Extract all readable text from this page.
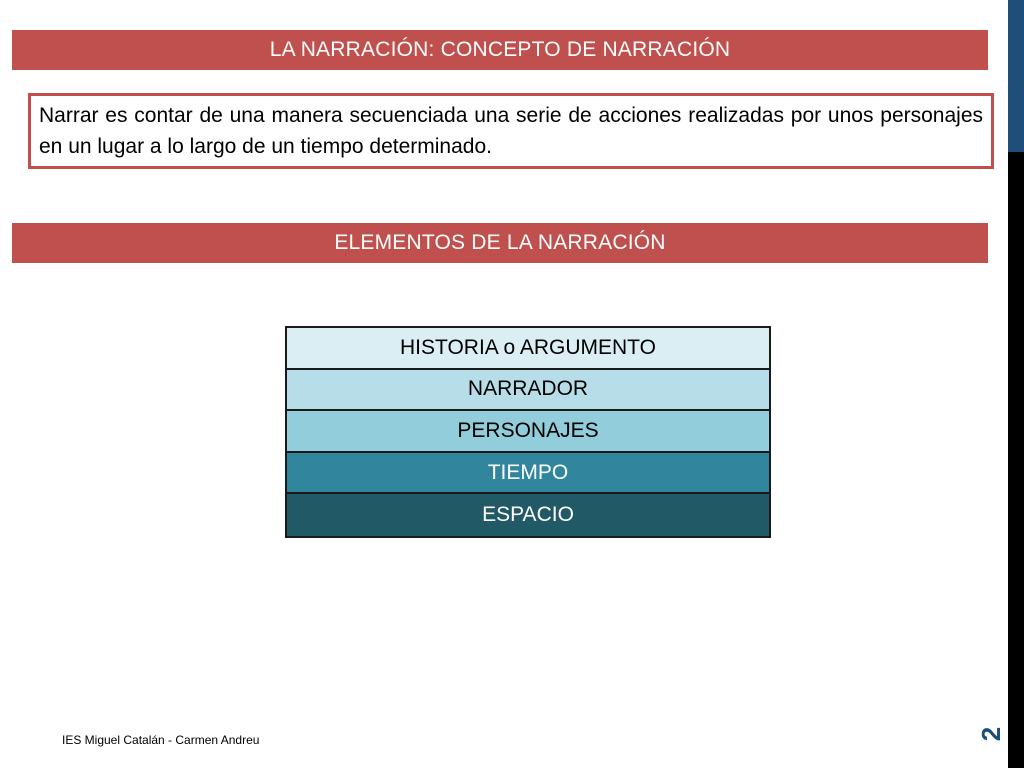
LA NARRACIÓN: CONCEPTO DE NARRACIÓN

Narrar es contar de una manera secuenciada una serie de acciones realizadas por unos personajes en un lugar a lo largo de un tiempo determinado.

ELEMENTOS DE LA NARRACIÓN
HISTORIA o ARGUMENTO
NARRADOR
PERSONAJES
TIEMPO
ESPACIO
IES Miguel Catalán - Carmen Andreu	2
